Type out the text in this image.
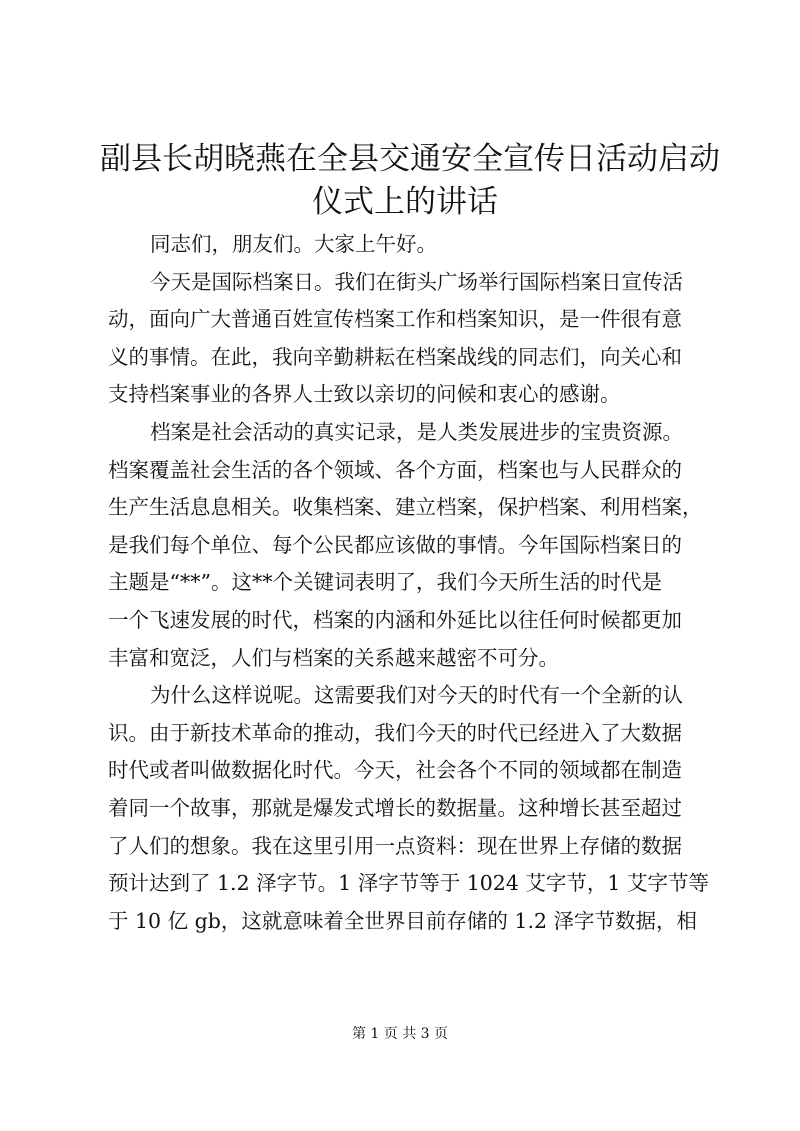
副县长胡晓燕在全县交通安全宣传日活动启动
仪式上的讲话
同志们，朋友们。大家上午好。
今天是国际档案日。我们在街头广场举行国际档案日宣传活
动，面向广大普通百姓宣传档案工作和档案知识，是一件很有意
义的事情。在此，我向辛勤耕耘在档案战线的同志们，向关心和
支持档案事业的各界人士致以亲切的问候和衷心的感谢。
档案是社会活动的真实记录，是人类发展进步的宝贵资源。
档案覆盖社会生活的各个领域、各个方面，档案也与人民群众的
生产生活息息相关。收集档案、建立档案，保护档案、利用档案，
是我们每个单位、每个公民都应该做的事情。今年国际档案日的
主题是“**”。这**个关键词表明了，我们今天所生活的时代是
一个飞速发展的时代，档案的内涵和外延比以往任何时候都更加
丰富和宽泛，人们与档案的关系越来越密不可分。
为什么这样说呢。这需要我们对今天的时代有一个全新的认
识。由于新技术革命的推动，我们今天的时代已经进入了大数据
时代或者叫做数据化时代。今天，社会各个不同的领域都在制造
着同一个故事，那就是爆发式增长的数据量。这种增长甚至超过
了人们的想象。我在这里引用一点资料：现在世界上存储的数据
预计达到了 1.2 泽字节。1 泽字节等于 1024 艾字节，1 艾字节等
于 10 亿 gb，这就意味着全世界目前存储的 1.2 泽字节数据，相
第 1 页 共 3 页
